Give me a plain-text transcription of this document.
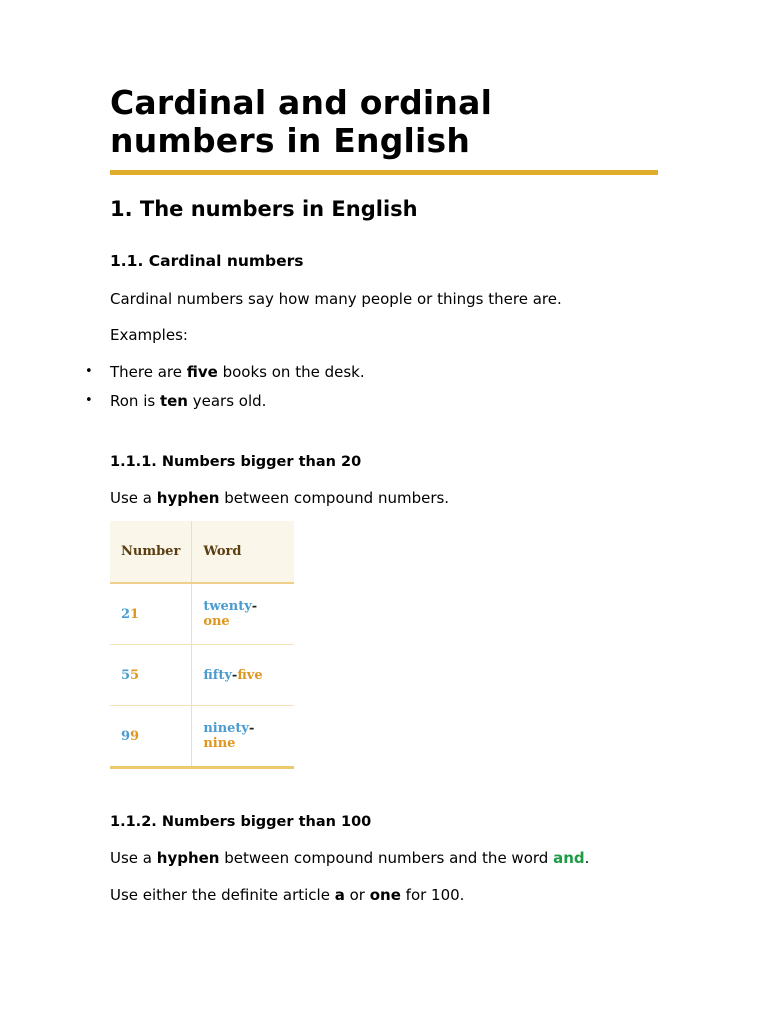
Cardinal and ordinal numbers in English
1. The numbers in English
1.1. Cardinal numbers

Cardinal numbers say how many people or things there are.

Examples:

• There are five books on the desk.
• Ron is ten years old.
1.1.1. Numbers bigger than 20

Use a hyphen between compound numbers.

Number	Word
21	twenty-one
55	fifty-five
99	ninety-nine
1.1.2. Numbers bigger than 100

Use a hyphen between compound numbers and the word and.

Use either the definite article a or one for 100.
